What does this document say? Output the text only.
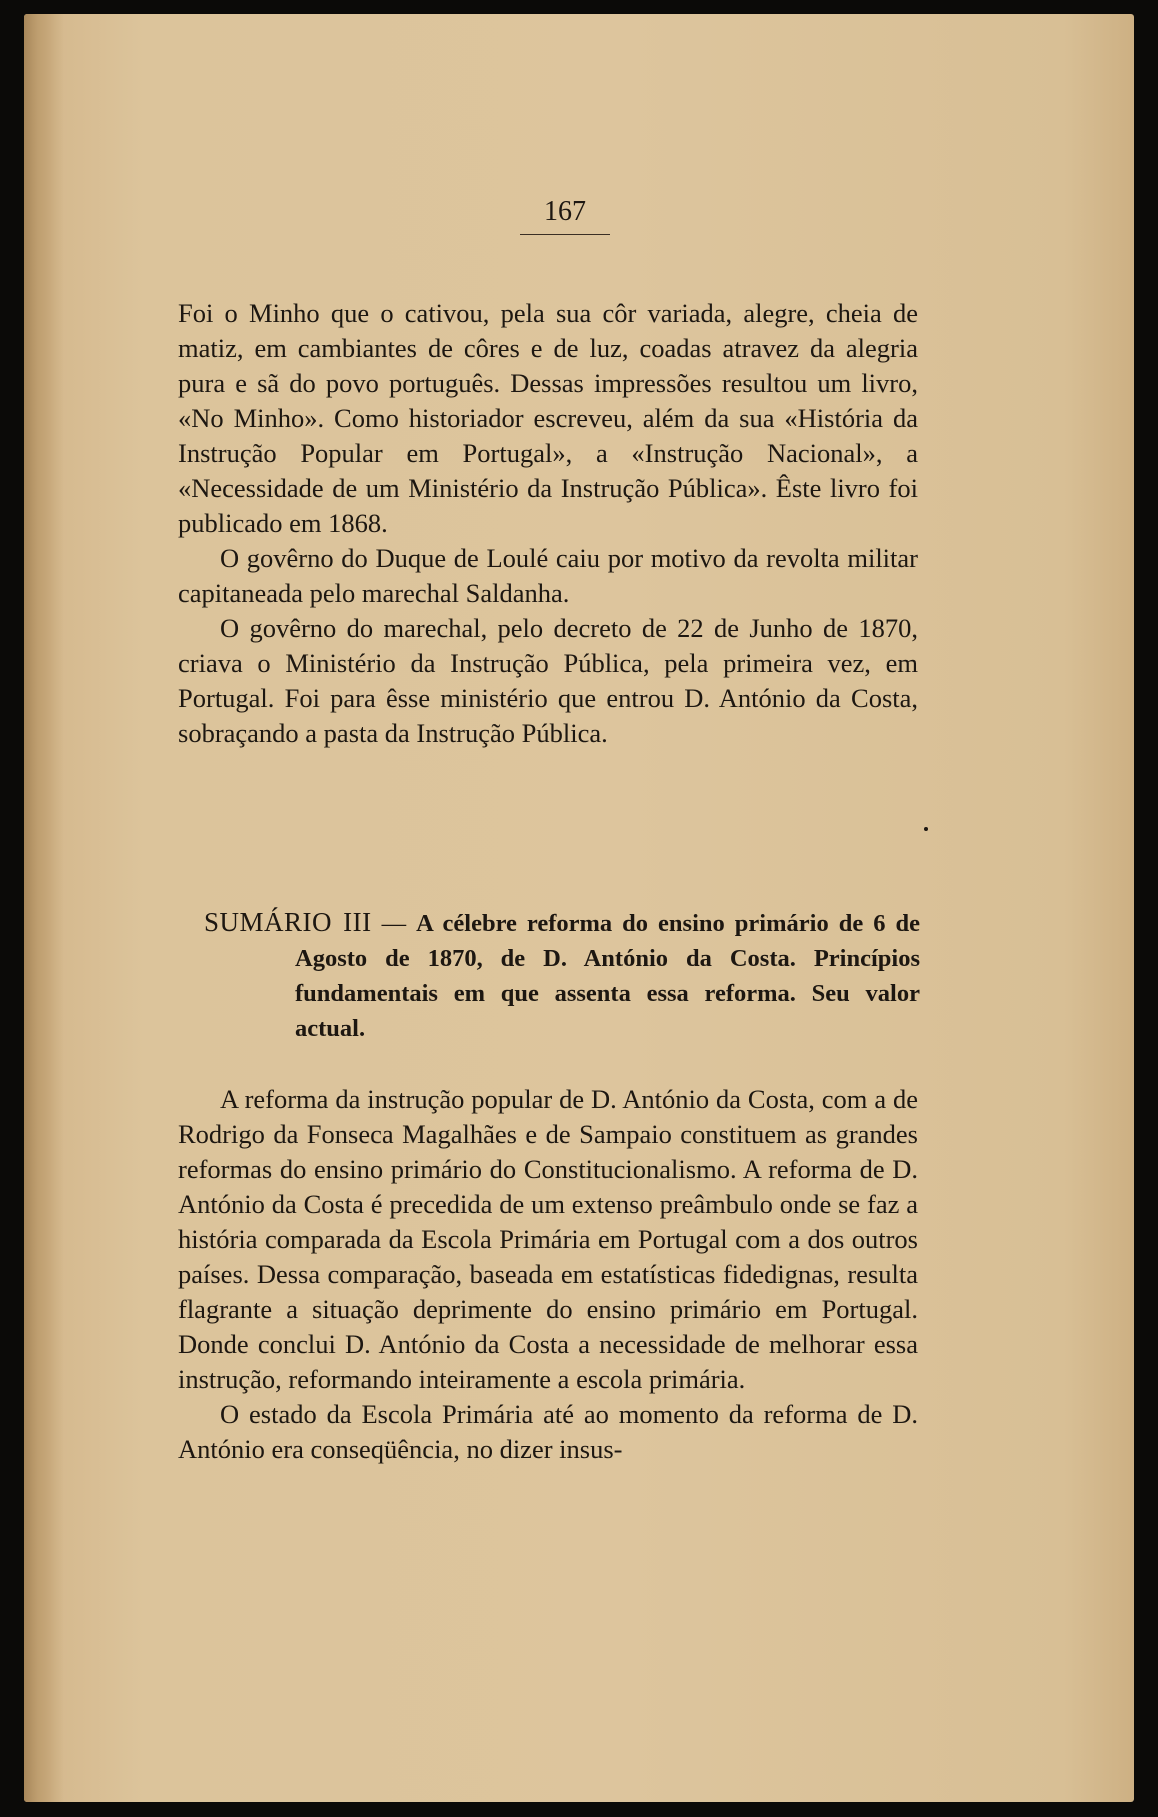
167

Foi o Minho que o cativou, pela sua côr variada, alegre, cheia de matiz, em cambiantes de côres e de luz, coadas atravez da alegria pura e sã do povo português. Dessas impressões resultou um livro, «No Minho». Como historiador escreveu, além da sua «História da Instrução Popular em Portugal», a «Instrução Nacional», a «Necessidade de um Ministério da Instrução Pública». Êste livro foi publicado em 1868.

O govêrno do Duque de Loulé caiu por motivo da revolta militar capitaneada pelo marechal Saldanha.

O govêrno do marechal, pelo decreto de 22 de Junho de 1870, criava o Ministério da Instrução Pública, pela primeira vez, em Portugal. Foi para êsse ministério que entrou D. António da Costa, sobraçando a pasta da Instrução Pública.

SUMÁRIO III — A célebre reforma do ensino primário de 6 de Agosto de 1870, de D. António da Costa. Princípios fundamentais em que assenta essa reforma. Seu valor actual.

A reforma da instrução popular de D. António da Costa, com a de Rodrigo da Fonseca Magalhães e de Sampaio constituem as grandes reformas do ensino primário do Constitucionalismo. A reforma de D. António da Costa é precedida de um extenso preâmbulo onde se faz a história comparada da Escola Primária em Portugal com a dos outros países. Dessa comparação, baseada em estatísticas fidedignas, resulta flagrante a situação deprimente do ensino primário em Portugal. Donde conclui D. António da Costa a necessidade de melhorar essa instrução, reformando inteiramente a escola primária.

O estado da Escola Primária até ao momento da reforma de D. António era conseqüência, no dizer insus-
